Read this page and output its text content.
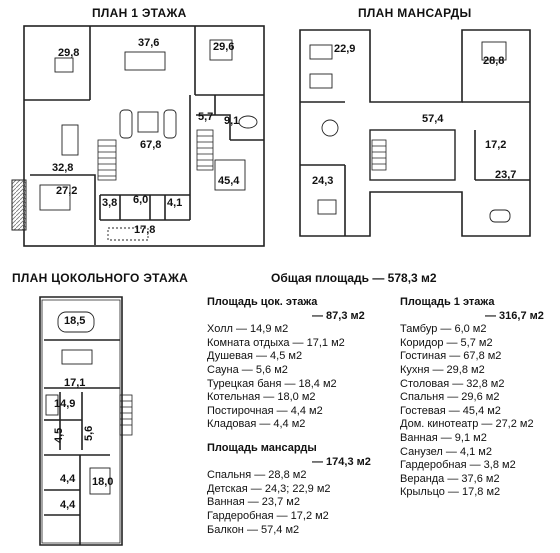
ПЛАН 1 ЭТАЖА	ПЛАН МАНСАРДЫ
ПЛАН ЦОКОЛЬНОГО ЭТАЖА	Общая площадь — 578,3 м2
29,8
37,6	29,6
5,7 9,1
67,8
32,8
45,4
27,2
3,8 6,0 4,1
17,8
22,9
28,8
57,4
17,2
24,3	23,7
18,5
17,1
14,9
4,5 5,6
4,4 18,0
4,4
Площадь цок. этажа
— 87,3 м2
Холл — 14,9 м2
Комната отдыха — 17,1 м2
Душевая — 4,5 м2
Сауна — 5,6 м2
Турецкая баня — 18,4 м2
Котельная — 18,0 м2
Постирочная — 4,4 м2
Кладовая — 4,4 м2
Площадь мансарды
— 174,3 м2
Спальня — 28,8 м2
Детская — 24,3; 22,9 м2
Ванная — 23,7 м2
Гардеробная — 17,2 м2
Балкон — 57,4 м2
Площадь 1 этажа
— 316,7 м2
Тамбур — 6,0 м2
Коридор — 5,7 м2
Гостиная — 67,8 м2
Кухня — 29,8 м2
Столовая — 32,8 м2
Спальня — 29,6 м2
Гостевая — 45,4 м2
Дом. кинотеатр — 27,2 м2
Ванная — 9,1 м2
Санузел — 4,1 м2
Гардеробная — 3,8 м2
Веранда — 37,6 м2
Крыльцо — 17,8 м2
